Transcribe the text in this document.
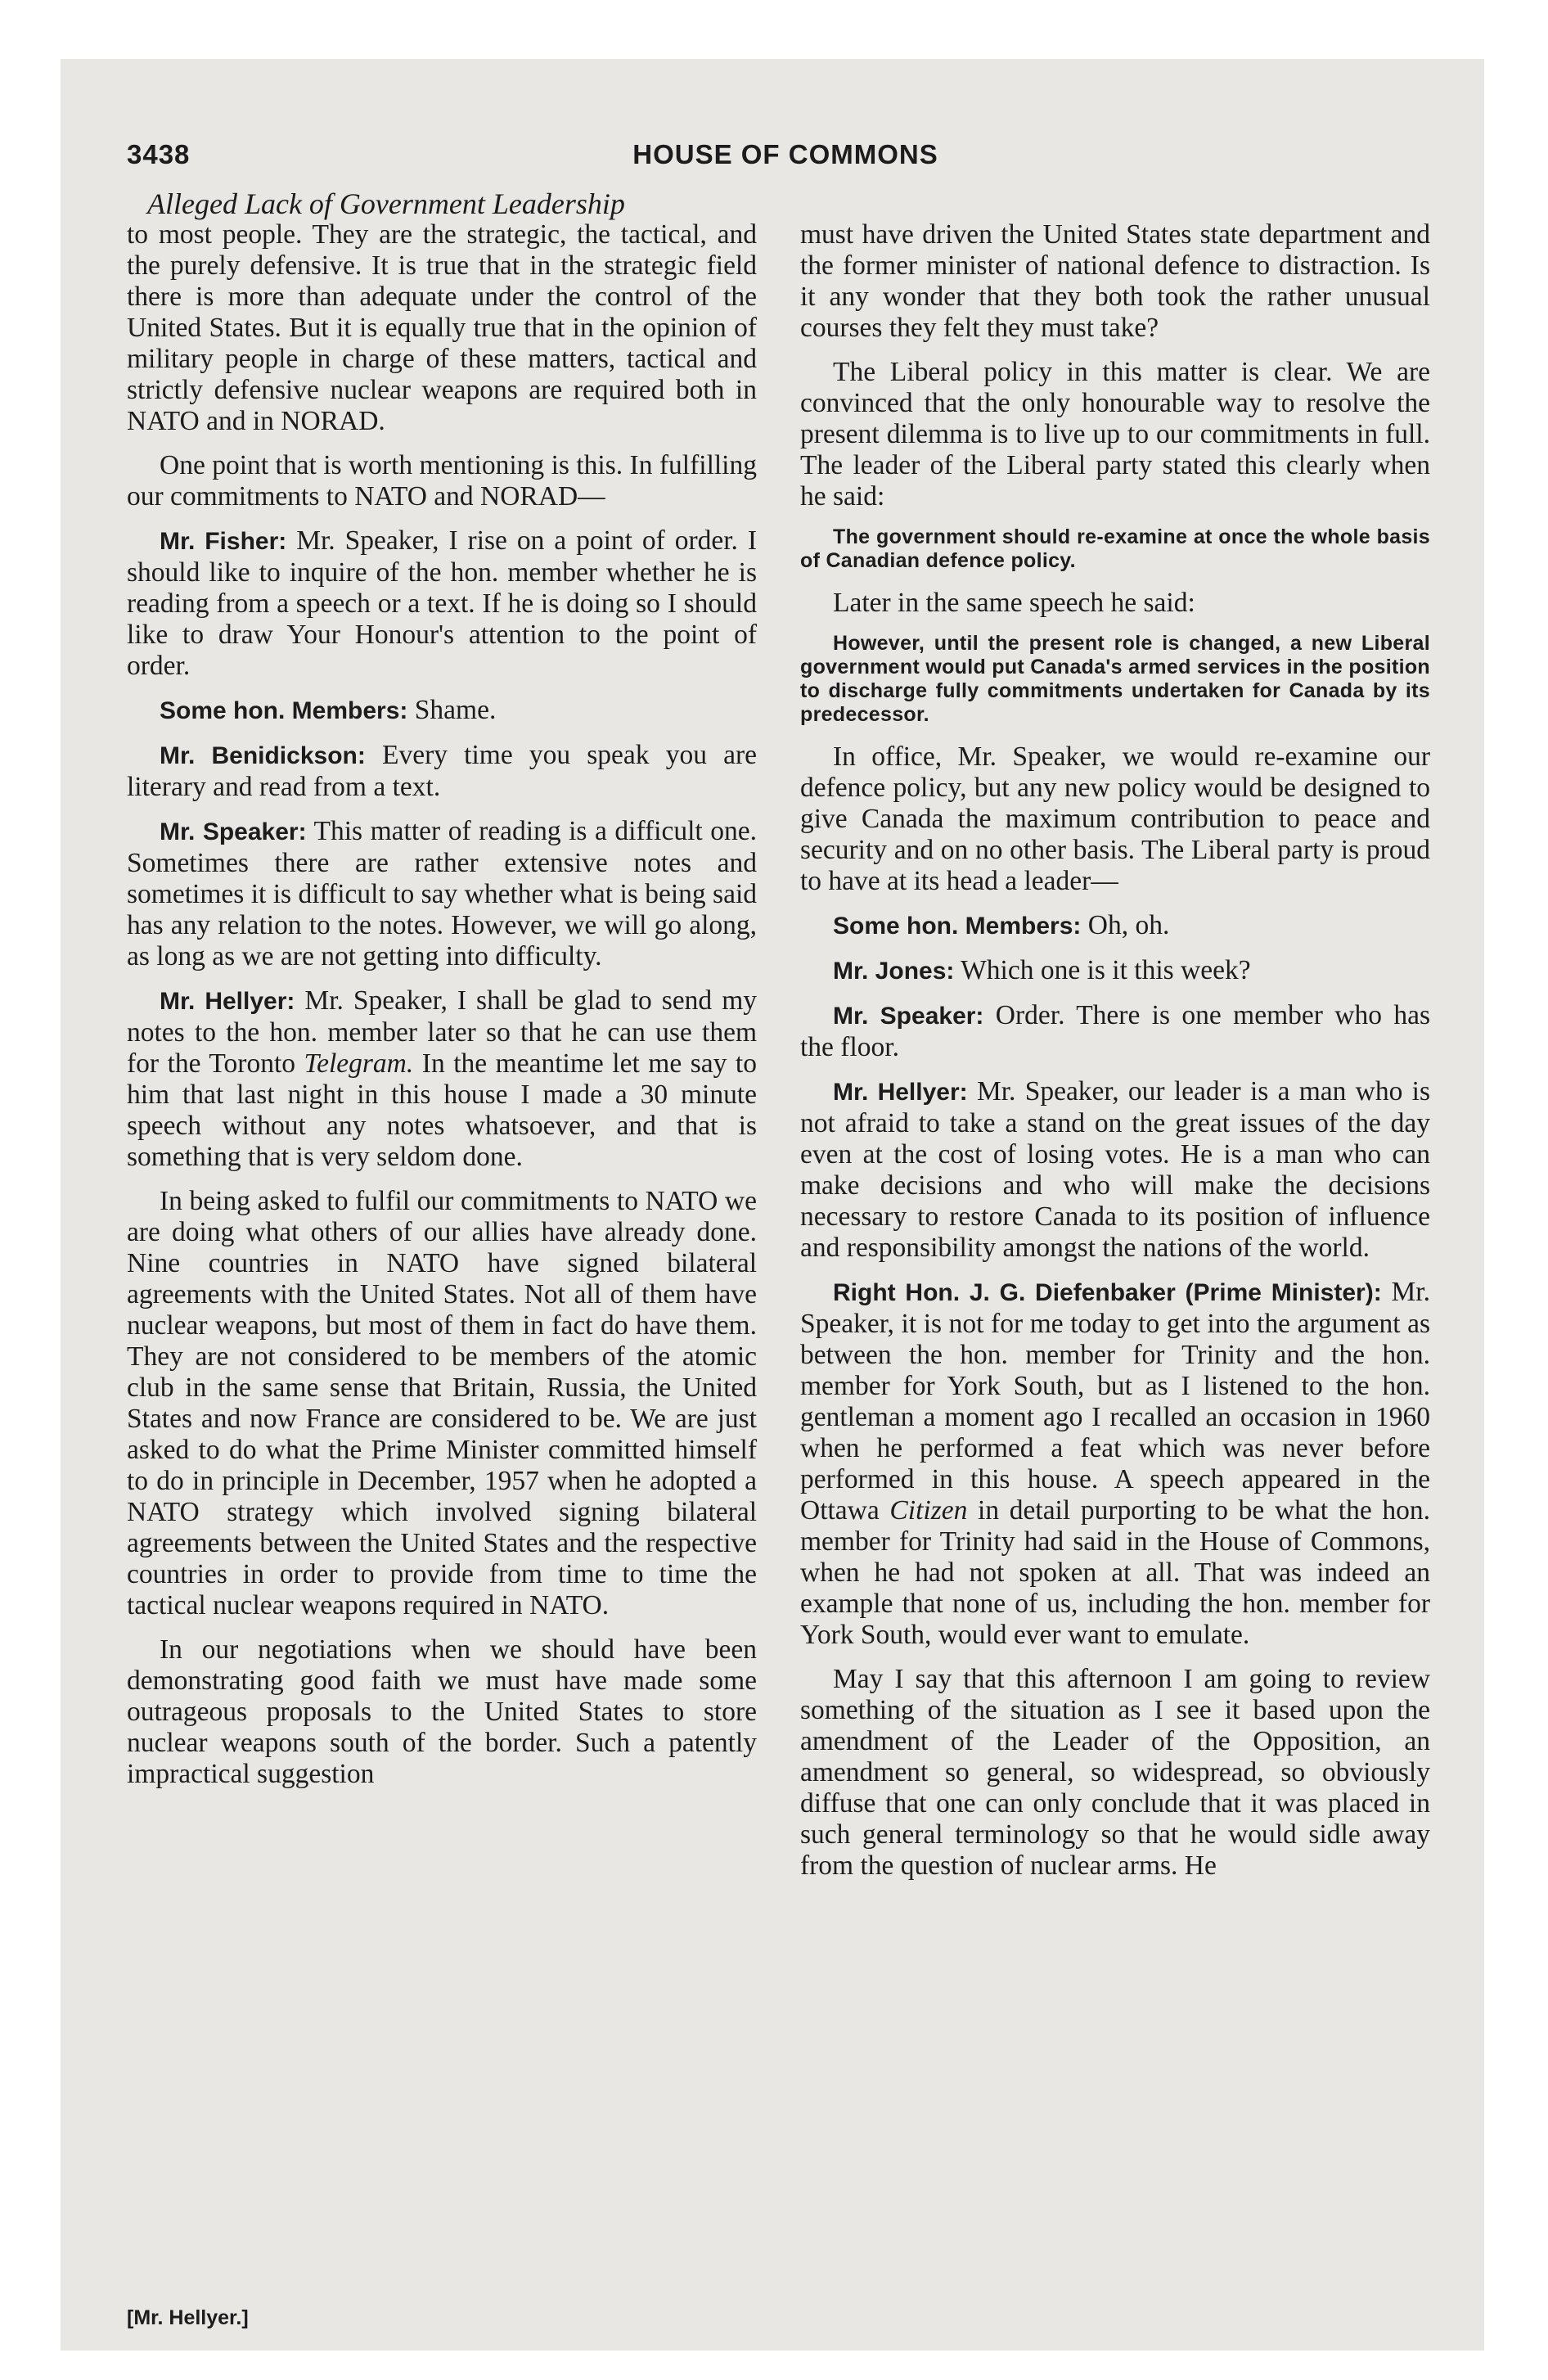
3438	HOUSE OF COMMONS
Alleged Lack of Government Leadership

to most people. They are the strategic, the tactical, and the purely defensive. It is true that in the strategic field there is more than adequate under the control of the United States. But it is equally true that in the opinion of military people in charge of these matters, tactical and strictly defensive nuclear weapons are required both in NATO and in NORAD.

One point that is worth mentioning is this. In fulfilling our commitments to NATO and NORAD—

Mr. Fisher: Mr. Speaker, I rise on a point of order. I should like to inquire of the hon. member whether he is reading from a speech or a text. If he is doing so I should like to draw Your Honour's attention to the point of order.

Some hon. Members: Shame.

Mr. Benidickson: Every time you speak you are literary and read from a text.

Mr. Speaker: This matter of reading is a difficult one. Sometimes there are rather extensive notes and sometimes it is difficult to say whether what is being said has any relation to the notes. However, we will go along, as long as we are not getting into difficulty.

Mr. Hellyer: Mr. Speaker, I shall be glad to send my notes to the hon. member later so that he can use them for the Toronto Telegram. In the meantime let me say to him that last night in this house I made a 30 minute speech without any notes whatsoever, and that is something that is very seldom done.

In being asked to fulfil our commitments to NATO we are doing what others of our allies have already done. Nine countries in NATO have signed bilateral agreements with the United States. Not all of them have nuclear weapons, but most of them in fact do have them. They are not considered to be members of the atomic club in the same sense that Britain, Russia, the United States and now France are considered to be. We are just asked to do what the Prime Minister committed himself to do in principle in December, 1957 when he adopted a NATO strategy which involved signing bilateral agreements between the United States and the respective countries in order to provide from time to time the tactical nuclear weapons required in NATO.

In our negotiations when we should have been demonstrating good faith we must have made some outrageous proposals to the United States to store nuclear weapons south of the border. Such a patently impractical suggestion

must have driven the United States state department and the former minister of national defence to distraction. Is it any wonder that they both took the rather unusual courses they felt they must take?

The Liberal policy in this matter is clear. We are convinced that the only honourable way to resolve the present dilemma is to live up to our commitments in full. The leader of the Liberal party stated this clearly when he said:

The government should re-examine at once the whole basis of Canadian defence policy.

Later in the same speech he said:

However, until the present role is changed, a new Liberal government would put Canada's armed services in the position to discharge fully commitments undertaken for Canada by its predecessor.

In office, Mr. Speaker, we would re-examine our defence policy, but any new policy would be designed to give Canada the maximum contribution to peace and security and on no other basis. The Liberal party is proud to have at its head a leader—

Some hon. Members: Oh, oh.

Mr. Jones: Which one is it this week?

Mr. Speaker: Order. There is one member who has the floor.

Mr. Hellyer: Mr. Speaker, our leader is a man who is not afraid to take a stand on the great issues of the day even at the cost of losing votes. He is a man who can make decisions and who will make the decisions necessary to restore Canada to its position of influence and responsibility amongst the nations of the world.

Right Hon. J. G. Diefenbaker (Prime Minister): Mr. Speaker, it is not for me today to get into the argument as between the hon. member for Trinity and the hon. member for York South, but as I listened to the hon. gentleman a moment ago I recalled an occasion in 1960 when he performed a feat which was never before performed in this house. A speech appeared in the Ottawa Citizen in detail purporting to be what the hon. member for Trinity had said in the House of Commons, when he had not spoken at all. That was indeed an example that none of us, including the hon. member for York South, would ever want to emulate.

May I say that this afternoon I am going to review something of the situation as I see it based upon the amendment of the Leader of the Opposition, an amendment so general, so widespread, so obviously diffuse that one can only conclude that it was placed in such general terminology so that he would sidle away from the question of nuclear arms. He

[Mr. Hellyer.]
